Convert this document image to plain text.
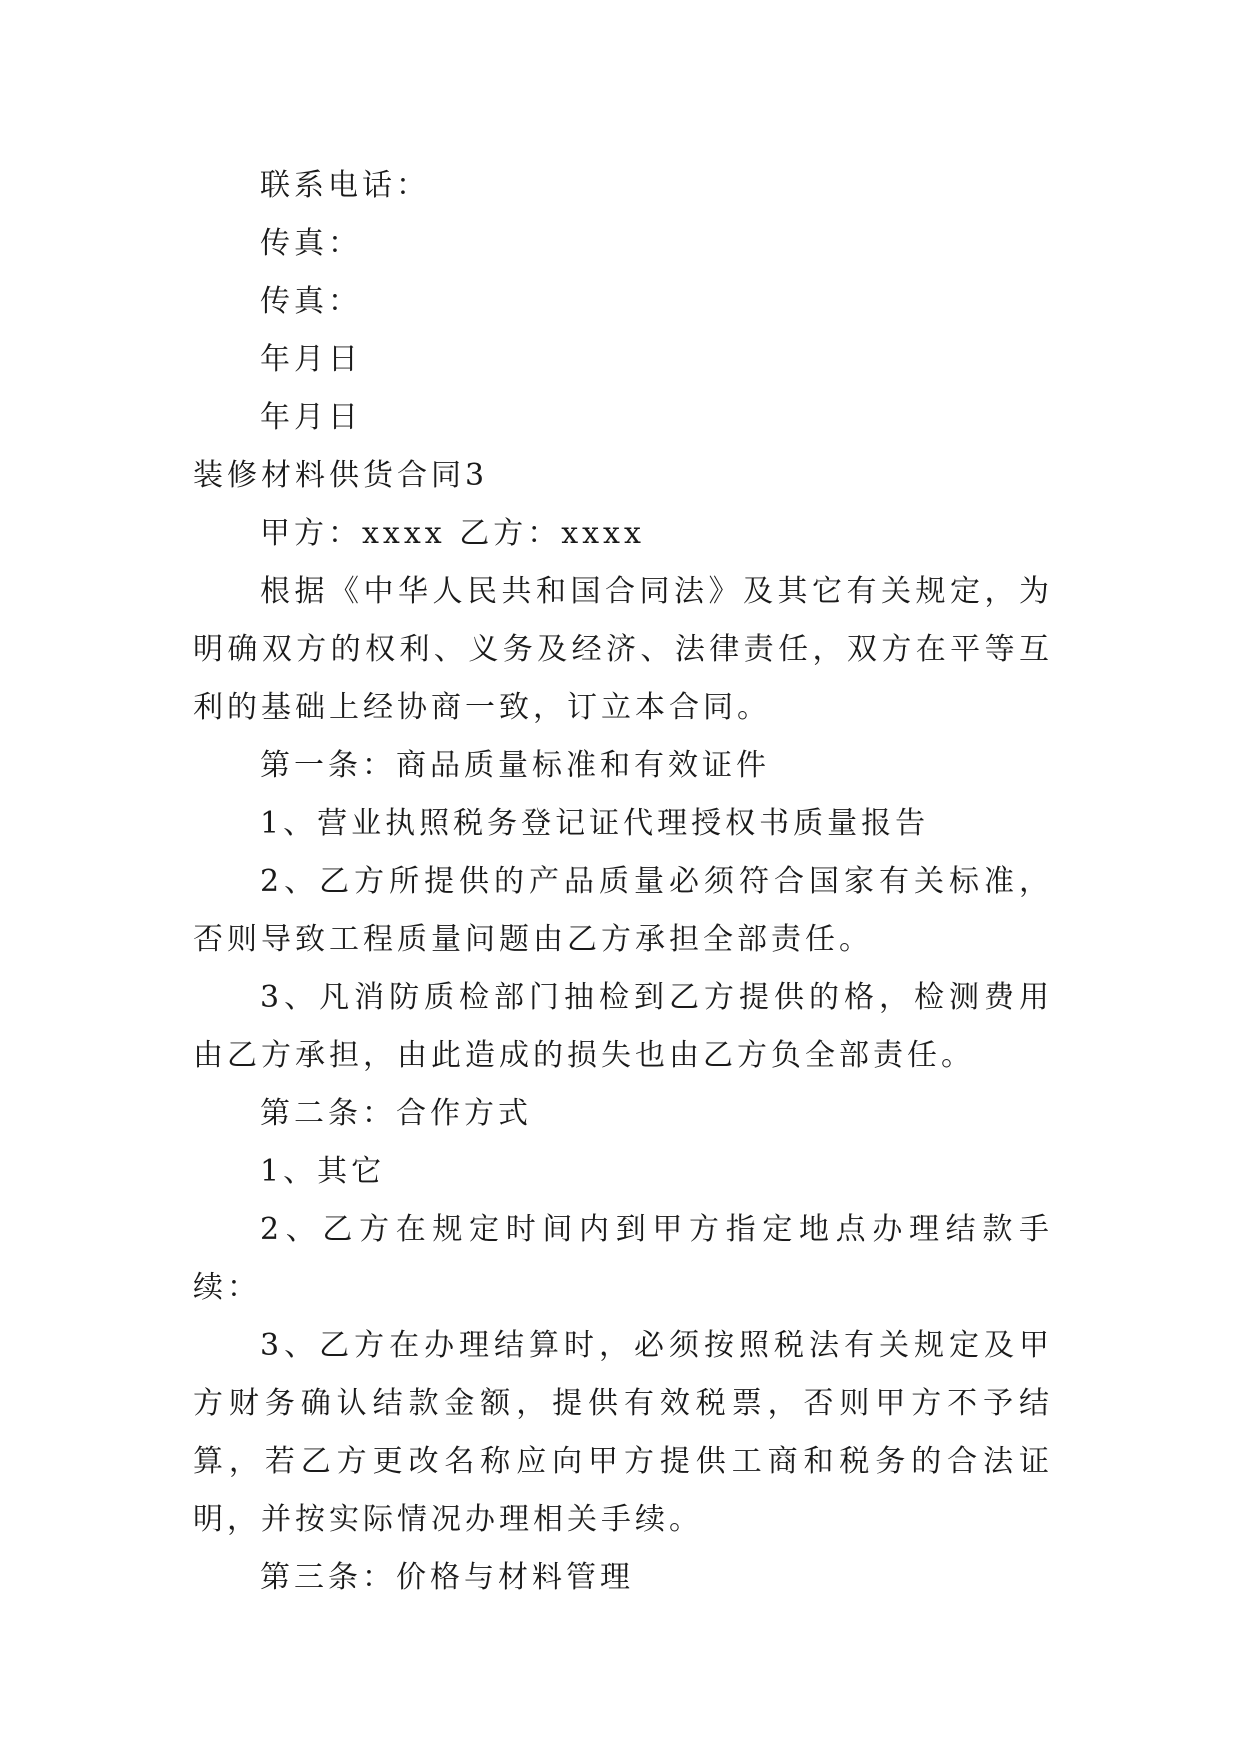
联系电话：

传真：

传真：

年月日

年月日

装修材料供货合同3

甲方：xxxx 乙方：xxxx

根据《中华人民共和国合同法》及其它有关规定，为明确双方的权利、义务及经济、法律责任，双方在平等互利的基础上经协商一致，订立本合同。

第一条：商品质量标准和有效证件

1、营业执照税务登记证代理授权书质量报告

2、乙方所提供的产品质量必须符合国家有关标准，否则导致工程质量问题由乙方承担全部责任。

3、凡消防质检部门抽检到乙方提供的格，检测费用由乙方承担，由此造成的损失也由乙方负全部责任。

第二条：合作方式

1、其它

2、乙方在规定时间内到甲方指定地点办理结款手续：

3、乙方在办理结算时，必须按照税法有关规定及甲方财务确认结款金额，提供有效税票，否则甲方不予结算，若乙方更改名称应向甲方提供工商和税务的合法证明，并按实际情况办理相关手续。

第三条：价格与材料管理
